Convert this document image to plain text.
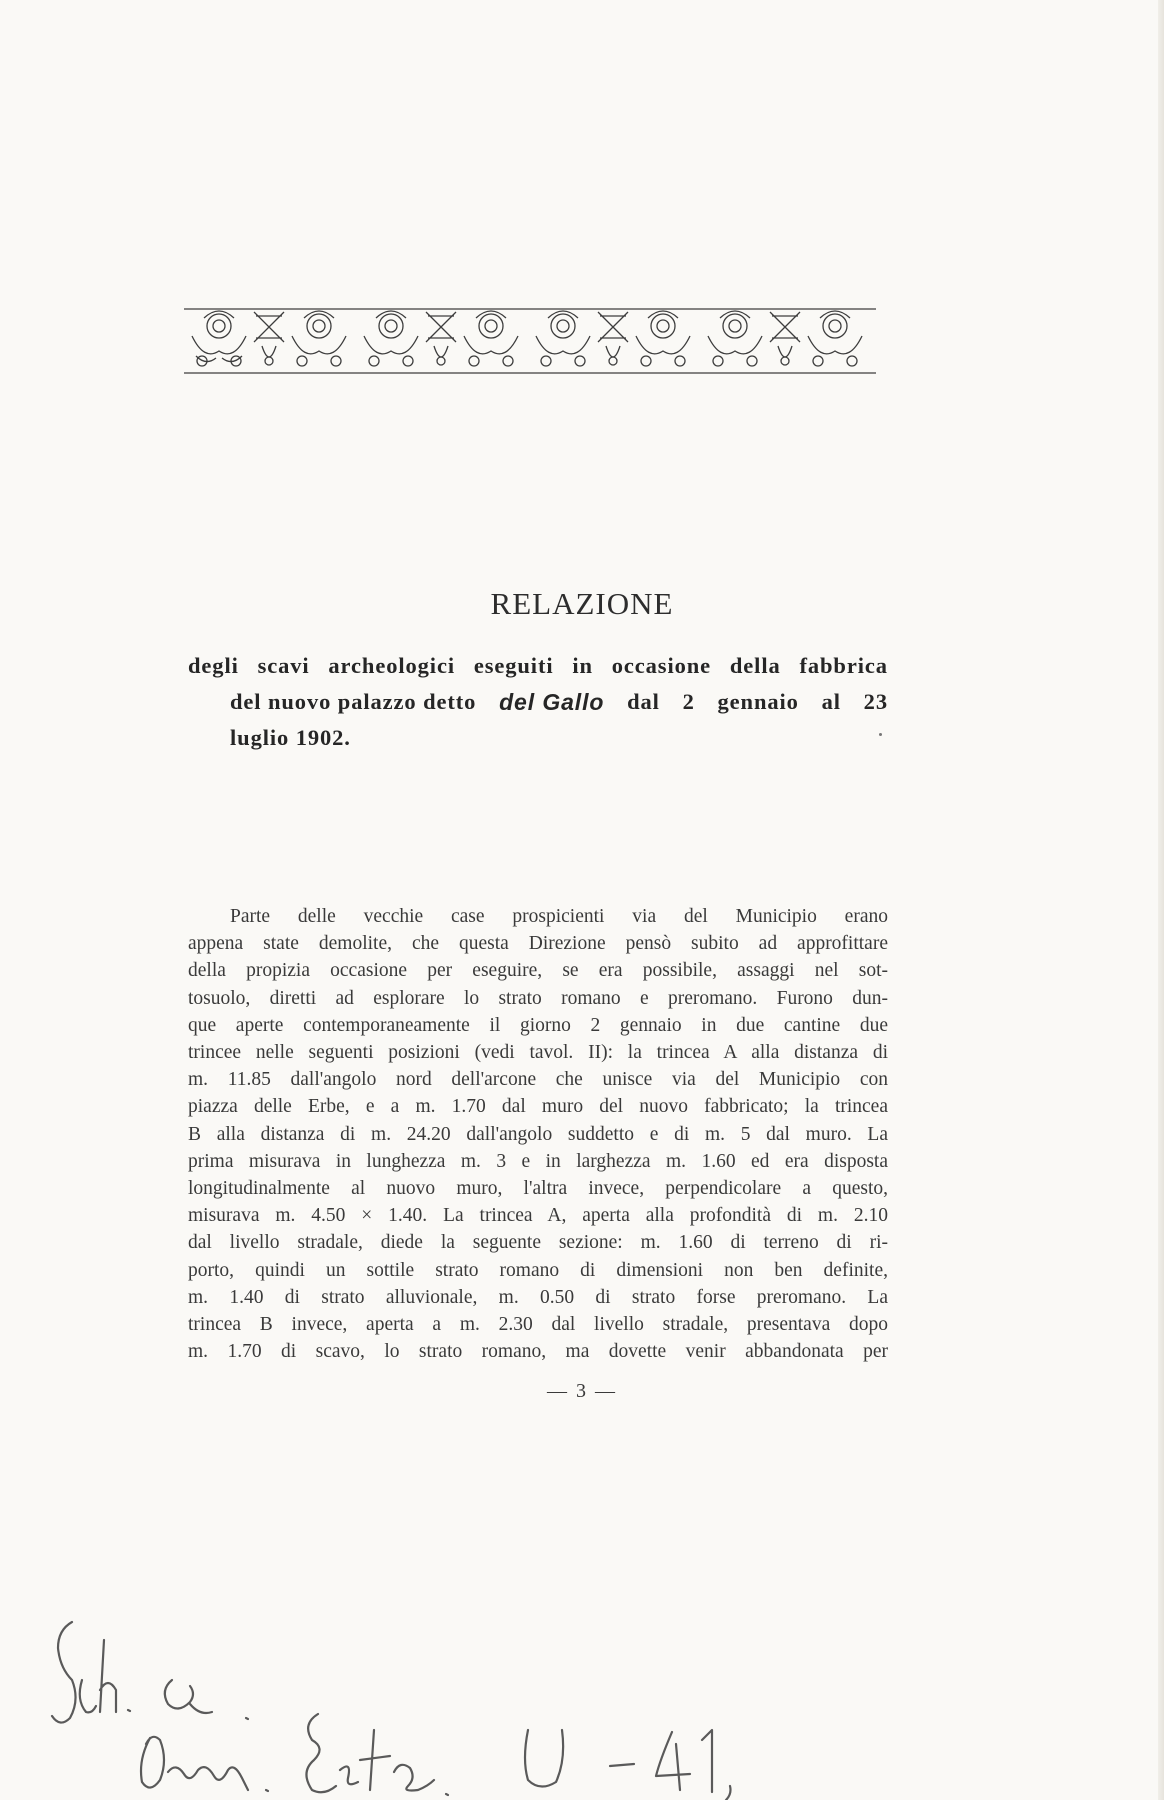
RELAZIONE
degli scavi archeologici eseguiti in occasione della fabbrica
del nuovo palazzo detto del Gallo dal 2 gennaio al 23
luglio 1902.
Parte delle vecchie case prospicienti via del Municipio erano
appena state demolite, che questa Direzione pensò subito ad approfittare
della propizia occasione per eseguire, se era possibile, assaggi nel sot-
tosuolo, diretti ad esplorare lo strato romano e preromano. Furono dun-
que aperte contemporaneamente il giorno 2 gennaio in due cantine due
trincee nelle seguenti posizioni (vedi tavol. II): la trincea A alla distanza di
m. 11.85 dall'angolo nord dell'arcone che unisce via del Municipio con
piazza delle Erbe, e a m. 1.70 dal muro del nuovo fabbricato; la trincea
B alla distanza di m. 24.20 dall'angolo suddetto e di m. 5 dal muro. La
prima misurava in lunghezza m. 3 e in larghezza m. 1.60 ed era disposta
longitudinalmente al nuovo muro, l'altra invece, perpendicolare a questo,
misurava m. 4.50 × 1.40. La trincea A, aperta alla profondità di m. 2.10
dal livello stradale, diede la seguente sezione: m. 1.60 di terreno di ri-
porto, quindi un sottile strato romano di dimensioni non ben definite,
m. 1.40 di strato alluvionale, m. 0.50 di strato forse preromano. La
trincea B invece, aperta a m. 2.30 dal livello stradale, presentava dopo
m. 1.70 di scavo, lo strato romano, ma dovette venir abbandonata per
— 3 —
